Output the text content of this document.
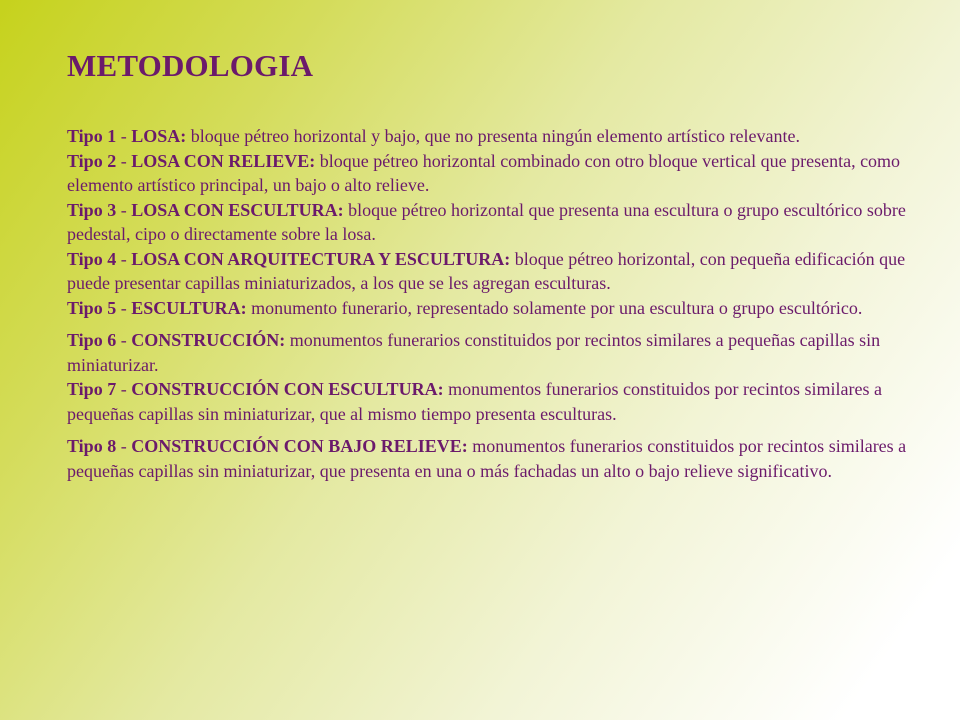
METODOLOGIA

Tipo 1 - LOSA: bloque pétreo horizontal y bajo, que no presenta ningún elemento artístico relevante.

Tipo 2 - LOSA CON RELIEVE: bloque pétreo horizontal combinado con otro bloque vertical que presenta, como elemento artístico principal, un bajo o alto relieve.

Tipo 3 - LOSA CON ESCULTURA: bloque pétreo horizontal que presenta una escultura o grupo escultórico sobre pedestal, cipo o directamente sobre la losa.

Tipo 4 - LOSA CON ARQUITECTURA Y ESCULTURA: bloque pétreo horizontal, con pequeña edificación que puede presentar capillas miniaturizados, a los que se les agregan esculturas.

Tipo 5 - ESCULTURA: monumento funerario, representado solamente por una escultura o grupo escultórico.

Tipo 6 - CONSTRUCCIÓN: monumentos funerarios constituidos por recintos similares a pequeñas capillas sin miniaturizar.

Tipo 7 - CONSTRUCCIÓN CON ESCULTURA: monumentos funerarios constituidos por recintos similares a pequeñas capillas sin miniaturizar, que al mismo tiempo presenta esculturas.

Tipo 8 - CONSTRUCCIÓN CON BAJO RELIEVE: monumentos funerarios constituidos por recintos similares a pequeñas capillas sin miniaturizar, que presenta en una o más fachadas un alto o bajo relieve significativo.
